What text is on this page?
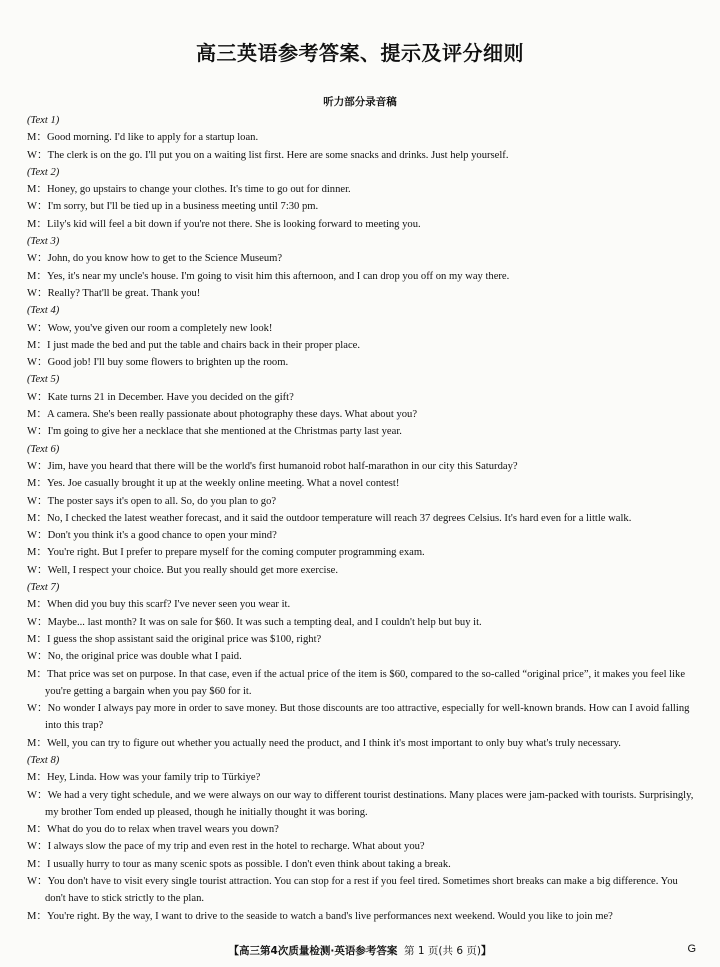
高三英语参考答案、提示及评分细则
听力部分录音稿
(Text 1)
M：Good morning. I'd like to apply for a startup loan.
W：The clerk is on the go. I'll put you on a waiting list first. Here are some snacks and drinks. Just help yourself.
(Text 2)
M：Honey, go upstairs to change your clothes. It's time to go out for dinner.
W：I'm sorry, but I'll be tied up in a business meeting until 7:30 pm.
M：Lily's kid will feel a bit down if you're not there. She is looking forward to meeting you.
(Text 3)
W：John, do you know how to get to the Science Museum?
M：Yes, it's near my uncle's house. I'm going to visit him this afternoon, and I can drop you off on my way there.
W：Really? That'll be great. Thank you!
(Text 4)
W：Wow, you've given our room a completely new look!
M：I just made the bed and put the table and chairs back in their proper place.
W：Good job! I'll buy some flowers to brighten up the room.
(Text 5)
W：Kate turns 21 in December. Have you decided on the gift?
M：A camera. She's been really passionate about photography these days. What about you?
W：I'm going to give her a necklace that she mentioned at the Christmas party last year.
(Text 6)
W：Jim, have you heard that there will be the world's first humanoid robot half-marathon in our city this Saturday?
M：Yes. Joe casually brought it up at the weekly online meeting. What a novel contest!
W：The poster says it's open to all. So, do you plan to go?
M：No, I checked the latest weather forecast, and it said the outdoor temperature will reach 37 degrees Celsius. It's hard even for a little walk.
W：Don't you think it's a good chance to open your mind?
M：You're right. But I prefer to prepare myself for the coming computer programming exam.
W：Well, I respect your choice. But you really should get more exercise.
(Text 7)
M：When did you buy this scarf? I've never seen you wear it.
W：Maybe... last month? It was on sale for $60. It was such a tempting deal, and I couldn't help but buy it.
M：I guess the shop assistant said the original price was $100, right?
W：No, the original price was double what I paid.
M：That price was set on purpose. In that case, even if the actual price of the item is $60, compared to the so-called “original price”, it makes you feel like you're getting a bargain when you pay $60 for it.
W：No wonder I always pay more in order to save money. But those discounts are too attractive, especially for well-known brands. How can I avoid falling into this trap?
M：Well, you can try to figure out whether you actually need the product, and I think it's most important to only buy what's truly necessary.
(Text 8)
M：Hey, Linda. How was your family trip to Türkiye?
W：We had a very tight schedule, and we were always on our way to different tourist destinations. Many places were jam-packed with tourists. Surprisingly, my brother Tom ended up pleased, though he initially thought it was boring.
M：What do you do to relax when travel wears you down?
W：I always slow the pace of my trip and even rest in the hotel to recharge. What about you?
M：I usually hurry to tour as many scenic spots as possible. I don't even think about taking a break.
W：You don't have to visit every single tourist attraction. You can stop for a rest if you feel tired. Sometimes short breaks can make a big difference. You don't have to stick strictly to the plan.
M：You're right. By the way, I want to drive to the seaside to watch a band's live performances next weekend. Would you like to join me?
【高三第4次质量检测·英语参考答案 第 1 页(共 6 页)】	G
